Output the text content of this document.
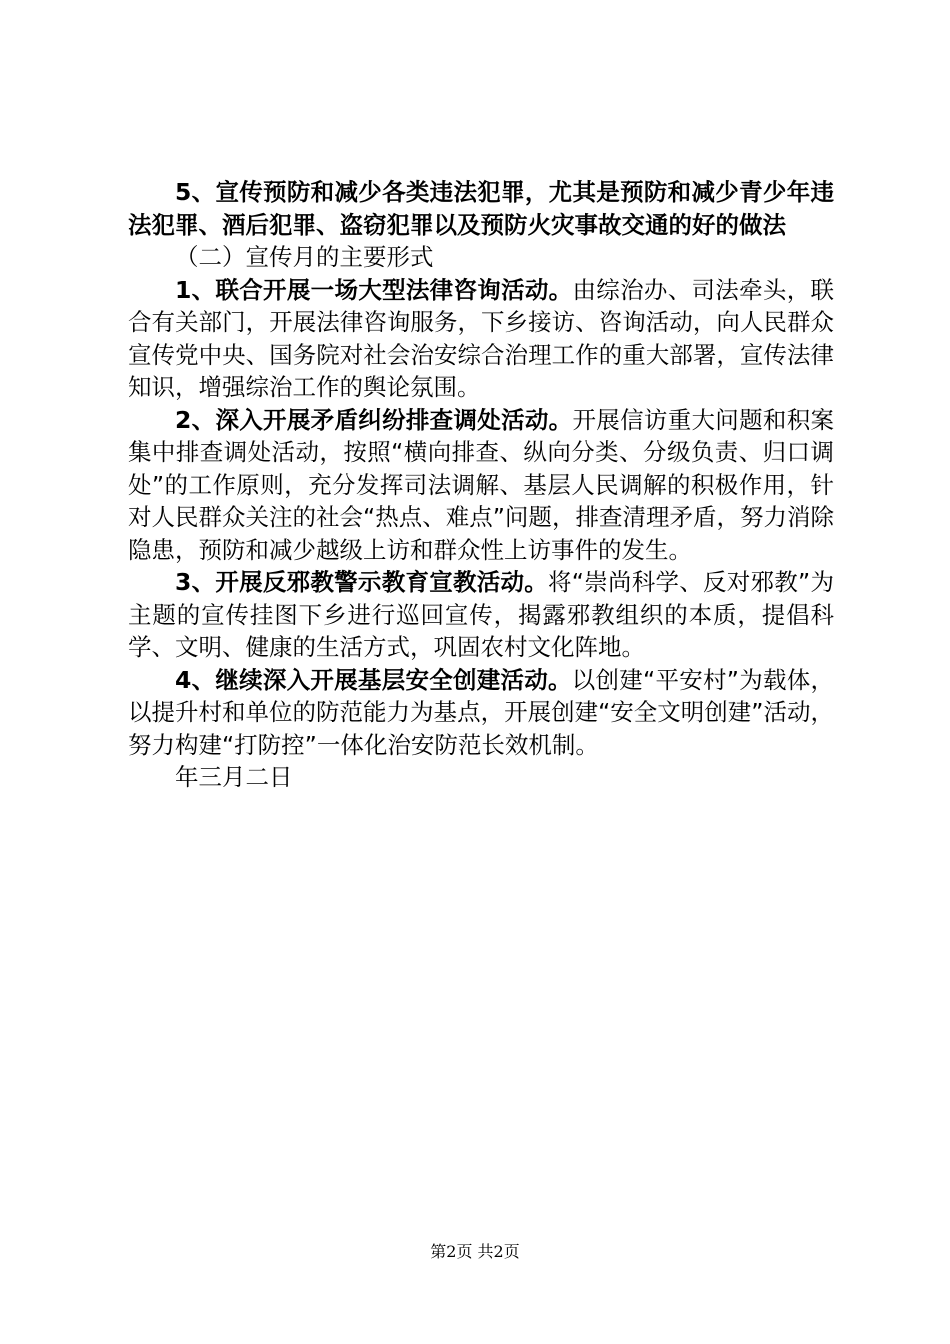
5、宣传预防和减少各类违法犯罪，尤其是预防和减少青少年违法犯罪、酒后犯罪、盗窃犯罪以及预防火灾事故交通的好的做法

（二）宣传月的主要形式

1、联合开展一场大型法律咨询活动。由综治办、司法牵头，联合有关部门，开展法律咨询服务，下乡接访、咨询活动，向人民群众宣传党中央、国务院对社会治安综合治理工作的重大部署，宣传法律知识，增强综治工作的舆论氛围。

2、深入开展矛盾纠纷排查调处活动。开展信访重大问题和积案集中排查调处活动，按照“横向排查、纵向分类、分级负责、归口调处”的工作原则，充分发挥司法调解、基层人民调解的积极作用，针对人民群众关注的社会“热点、难点”问题，排查清理矛盾，努力消除隐患，预防和减少越级上访和群众性上访事件的发生。

3、开展反邪教警示教育宣教活动。将“崇尚科学、反对邪教”为主题的宣传挂图下乡进行巡回宣传，揭露邪教组织的本质，提倡科学、文明、健康的生活方式，巩固农村文化阵地。

4、继续深入开展基层安全创建活动。以创建“平安村”为载体，以提升村和单位的防范能力为基点，开展创建“安全文明创建”活动，努力构建“打防控”一体化治安防范长效机制。

年三月二日

第2页 共2页
